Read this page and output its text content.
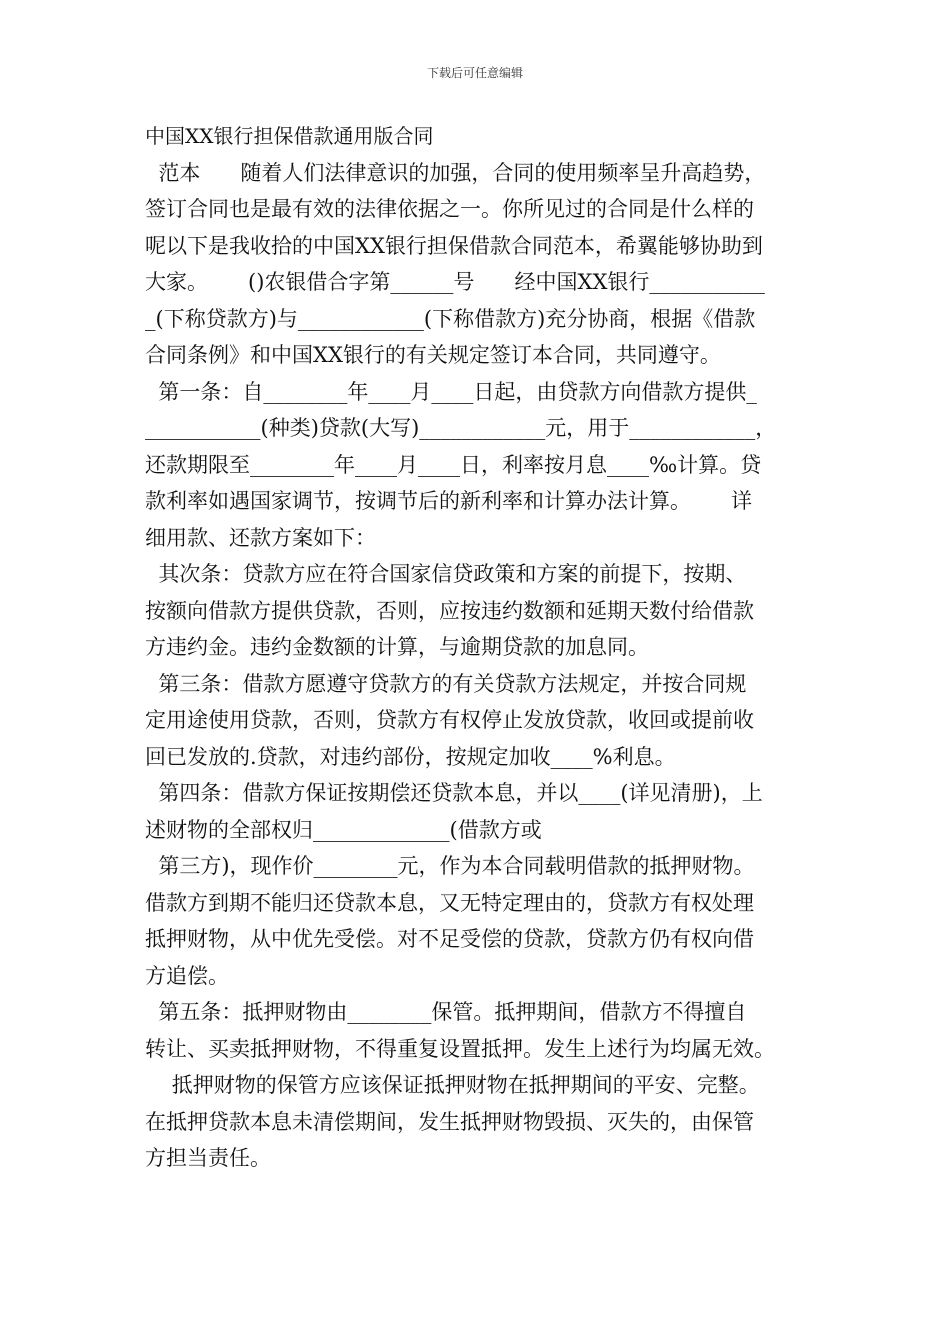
下载后可任意编辑
中国XX银行担保借款通用版合同
范本      随着人们法律意识的加强，合同的使用频率呈升高趋势，
签订合同也是最有效的法律依据之一。你所见过的合同是什么样的
呢以下是我收拾的中国XX银行担保借款合同范本，希翼能够协助到
大家。      ()农银借合字第______号      经中国XX银行___________
_(下称贷款方)与____________(下称借款方)充分协商，根据《借款
合同条例》和中国XX银行的有关规定签订本合同，共同遵守。
第一条：自________年____月____日起，由贷款方向借款方提供_
___________(种类)贷款(大写)____________元，用于____________，
还款期限至________年____月____日，利率按月息____‰计算。贷
款利率如遇国家调节，按调节后的新利率和计算办法计算。      详
细用款、还款方案如下：
其次条：贷款方应在符合国家信贷政策和方案的前提下，按期、
按额向借款方提供贷款，否则，应按违约数额和延期天数付给借款
方违约金。违约金数额的计算，与逾期贷款的加息同。
第三条：借款方愿遵守贷款方的有关贷款方法规定，并按合同规
定用途使用贷款，否则，贷款方有权停止发放贷款，收回或提前收
回已发放的.贷款，对违约部份，按规定加收____%利息。
第四条：借款方保证按期偿还贷款本息，并以____(详见清册)，上
述财物的全部权归_____________(借款方或
第三方)，现作价________元，作为本合同载明借款的抵押财物。
借款方到期不能归还贷款本息，又无特定理由的，贷款方有权处理
抵押财物，从中优先受偿。对不足受偿的贷款，贷款方仍有权向借
方追偿。
第五条：抵押财物由________保管。抵押期间，借款方不得擅自
转让、买卖抵押财物，不得重复设置抵押。发生上述行为均属无效。
抵押财物的保管方应该保证抵押财物在抵押期间的平安、完整。
在抵押贷款本息未清偿期间，发生抵押财物毁损、灭失的，由保管
方担当责任。
